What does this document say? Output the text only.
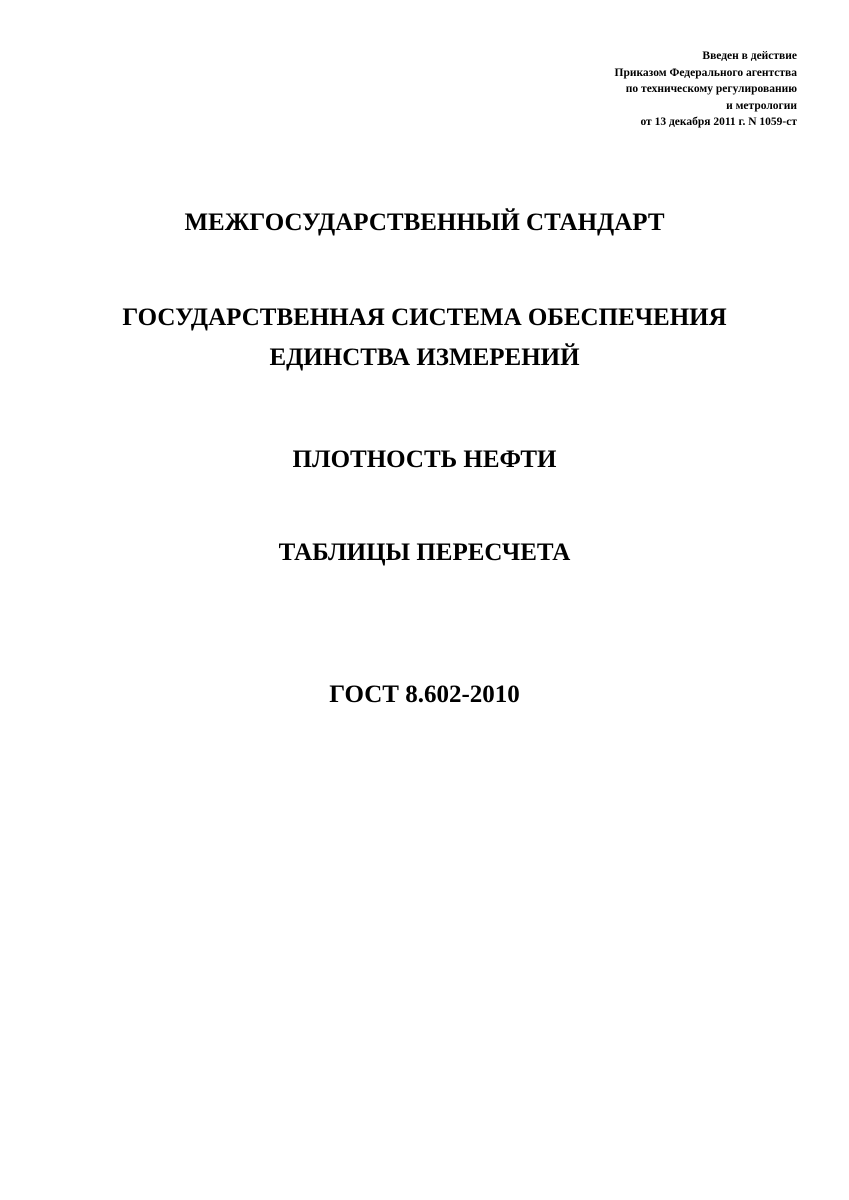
Введен в действие
Приказом Федерального агентства
по техническому регулированию
и метрологии
от 13 декабря 2011 г. N 1059-ст
МЕЖГОСУДАРСТВЕННЫЙ СТАНДАРТ
ГОСУДАРСТВЕННАЯ СИСТЕМА ОБЕСПЕЧЕНИЯ
ЕДИНСТВА ИЗМЕРЕНИЙ
ПЛОТНОСТЬ НЕФТИ
ТАБЛИЦЫ ПЕРЕСЧЕТА
ГОСТ 8.602-2010
